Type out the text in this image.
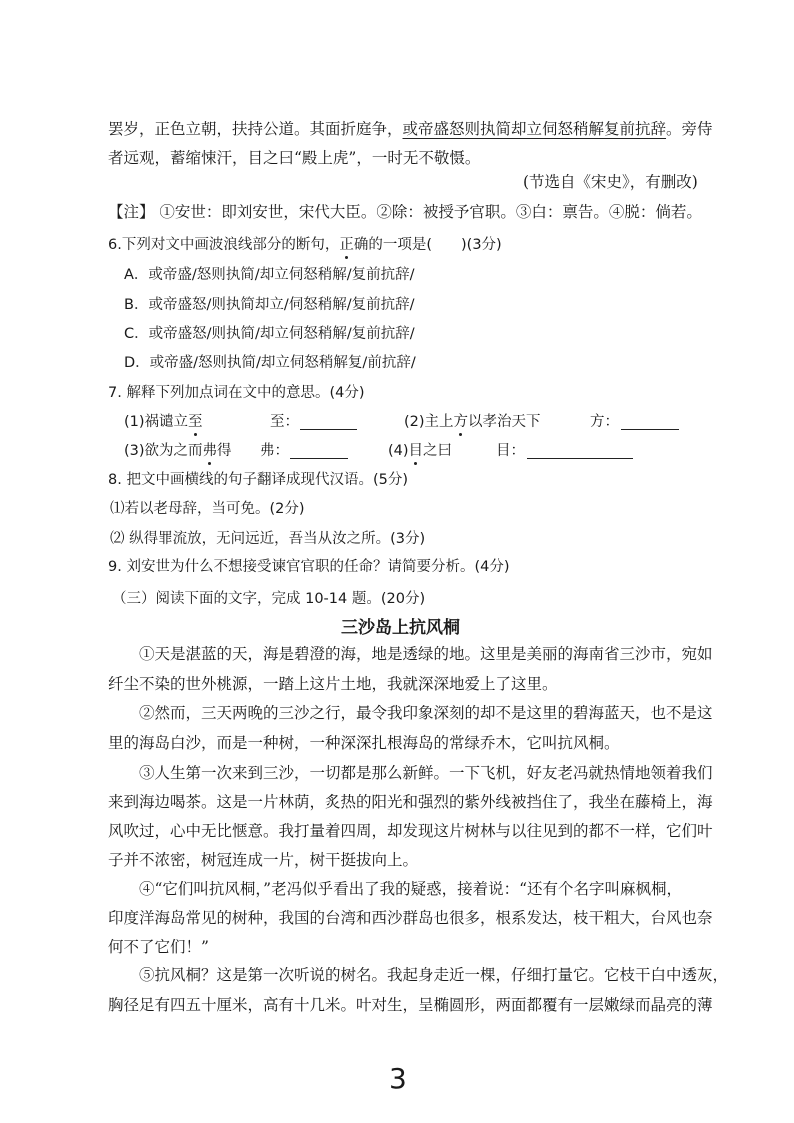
罢岁，正色立朝，扶持公道。其面折庭争，或帝盛怒则执简却立伺怒稍解复前抗辞。旁侍
者远观，蓄缩悚汗，目之曰“殿上虎”，一时无不敬慑。
(节选自《宋史》，有删改)
【注】 ①安世：即刘安世，宋代大臣。②除：被授予官职。③白：禀告。④脱：倘若。
6.下列对文中画波浪线部分的断句，正确的一项是(　　)(3分)
A．或帝盛/怒则执简/却立伺怒稍解/复前抗辞/
B．或帝盛怒/则执简却立/伺怒稍解/复前抗辞/
C．或帝盛怒/则执简/却立伺怒稍解/复前抗辞/
D．或帝盛/怒则执简/却立伺怒稍解复/前抗辞/
7. 解释下列加点词在文中的意思。(4分)
(1)祸谴立至	至：	(2)主上方以孝治天下	方：
(3)欲为之而弗得 弗：	(4)目之曰	目：
8. 把文中画横线的句子翻译成现代汉语。(5分)
⑴若以老母辞，当可免。(2分)
⑵ 纵得罪流放，无问远近，吾当从汝之所。(3分)
9. 刘安世为什么不想接受谏官官职的任命？请简要分析。(4分)
（三）阅读下面的文字，完成 10-14 题。(20分)
三沙岛上抗风桐
①天是湛蓝的天，海是碧澄的海，地是透绿的地。这里是美丽的海南省三沙市，宛如
纤尘不染的世外桃源，一踏上这片土地，我就深深地爱上了这里。
②然而，三天两晚的三沙之行，最令我印象深刻的却不是这里的碧海蓝天，也不是这
里的海岛白沙，而是一种树，一种深深扎根海岛的常绿乔木，它叫抗风桐。
③人生第一次来到三沙，一切都是那么新鲜。一下飞机，好友老冯就热情地领着我们
来到海边喝茶。这是一片林荫，炙热的阳光和强烈的紫外线被挡住了，我坐在藤椅上，海
风吹过，心中无比惬意。我打量着四周，却发现这片树林与以往见到的都不一样，它们叶
子并不浓密，树冠连成一片，树干挺拔向上。
④“它们叫抗风桐，”老冯似乎看出了我的疑惑，接着说：“还有个名字叫麻枫桐，
印度洋海岛常见的树种，我国的台湾和西沙群岛也很多，根系发达，枝干粗大，台风也奈
何不了它们！”
⑤抗风桐？这是第一次听说的树名。我起身走近一棵，仔细打量它。它枝干白中透灰，
胸径足有四五十厘米，高有十几米。叶对生，呈椭圆形，两面都覆有一层嫩绿而晶亮的薄
3
